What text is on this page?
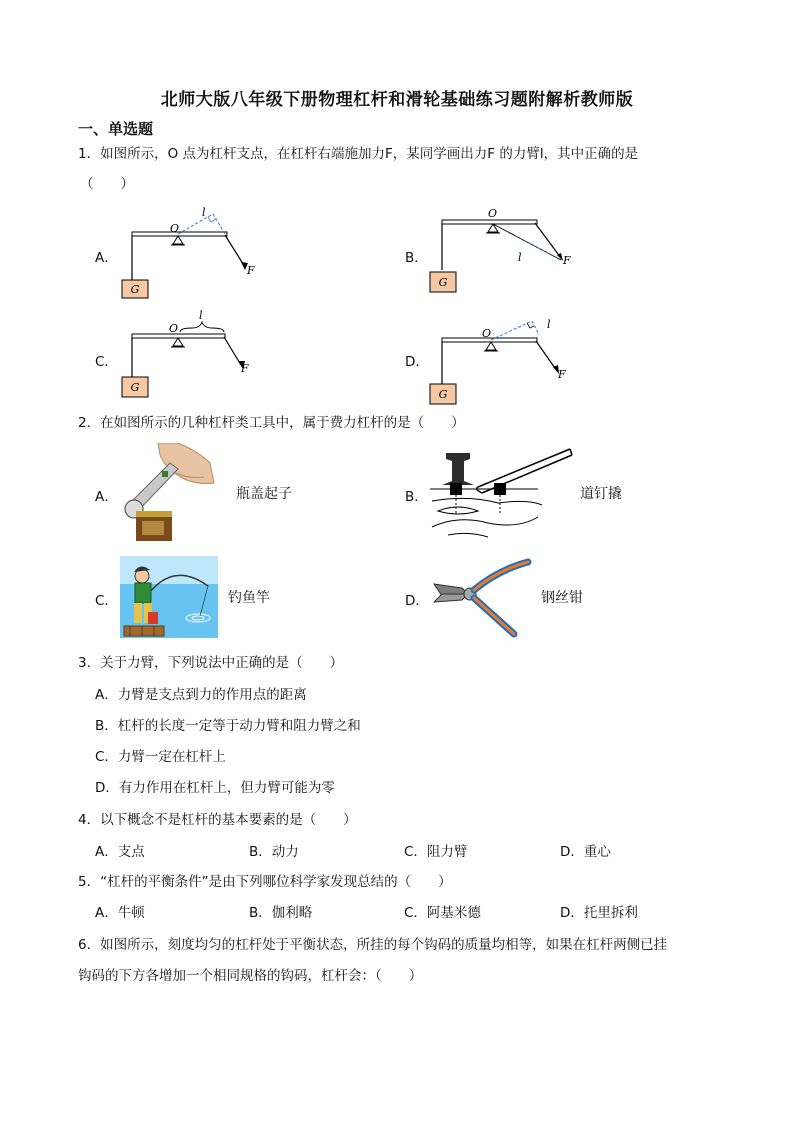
北师大版八年级下册物理杠杆和滑轮基础练习题附解析教师版
一、单选题
1．如图所示，O 点为杠杆支点，在杠杆右端施加力F，某同学画出力F 的力臂l，其中正确的是
（　　）
A．
G
O
l
F
B．
G
O
l	F
C．
G
O
l
F	D．
G
O
l
F
2．在如图所示的几种杠杆类工具中，属于费力杠杆的是（　　）
A．	瓶盖起子	B．	道钉撬
C．	钓鱼竿	D．	钢丝钳
3．关于力臂，下列说法中正确的是（　　）
A．力臂是支点到力的作用点的距离
B．杠杆的长度一定等于动力臂和阻力臂之和
C．力臂一定在杠杆上
D．有力作用在杠杆上，但力臂可能为零
4．以下概念不是杠杆的基本要素的是（　　）
A．支点	B．动力	C．阻力臂	D．重心
5．“杠杆的平衡条件”是由下列哪位科学家发现总结的（　　）
A．牛顿	B．伽利略	C．阿基米德	D．托里拆利
6．如图所示，刻度均匀的杠杆处于平衡状态，所挂的每个钩码的质量均相等，如果在杠杆两侧已挂
钩码的下方各增加一个相同规格的钩码，杠杆会：（　　）
